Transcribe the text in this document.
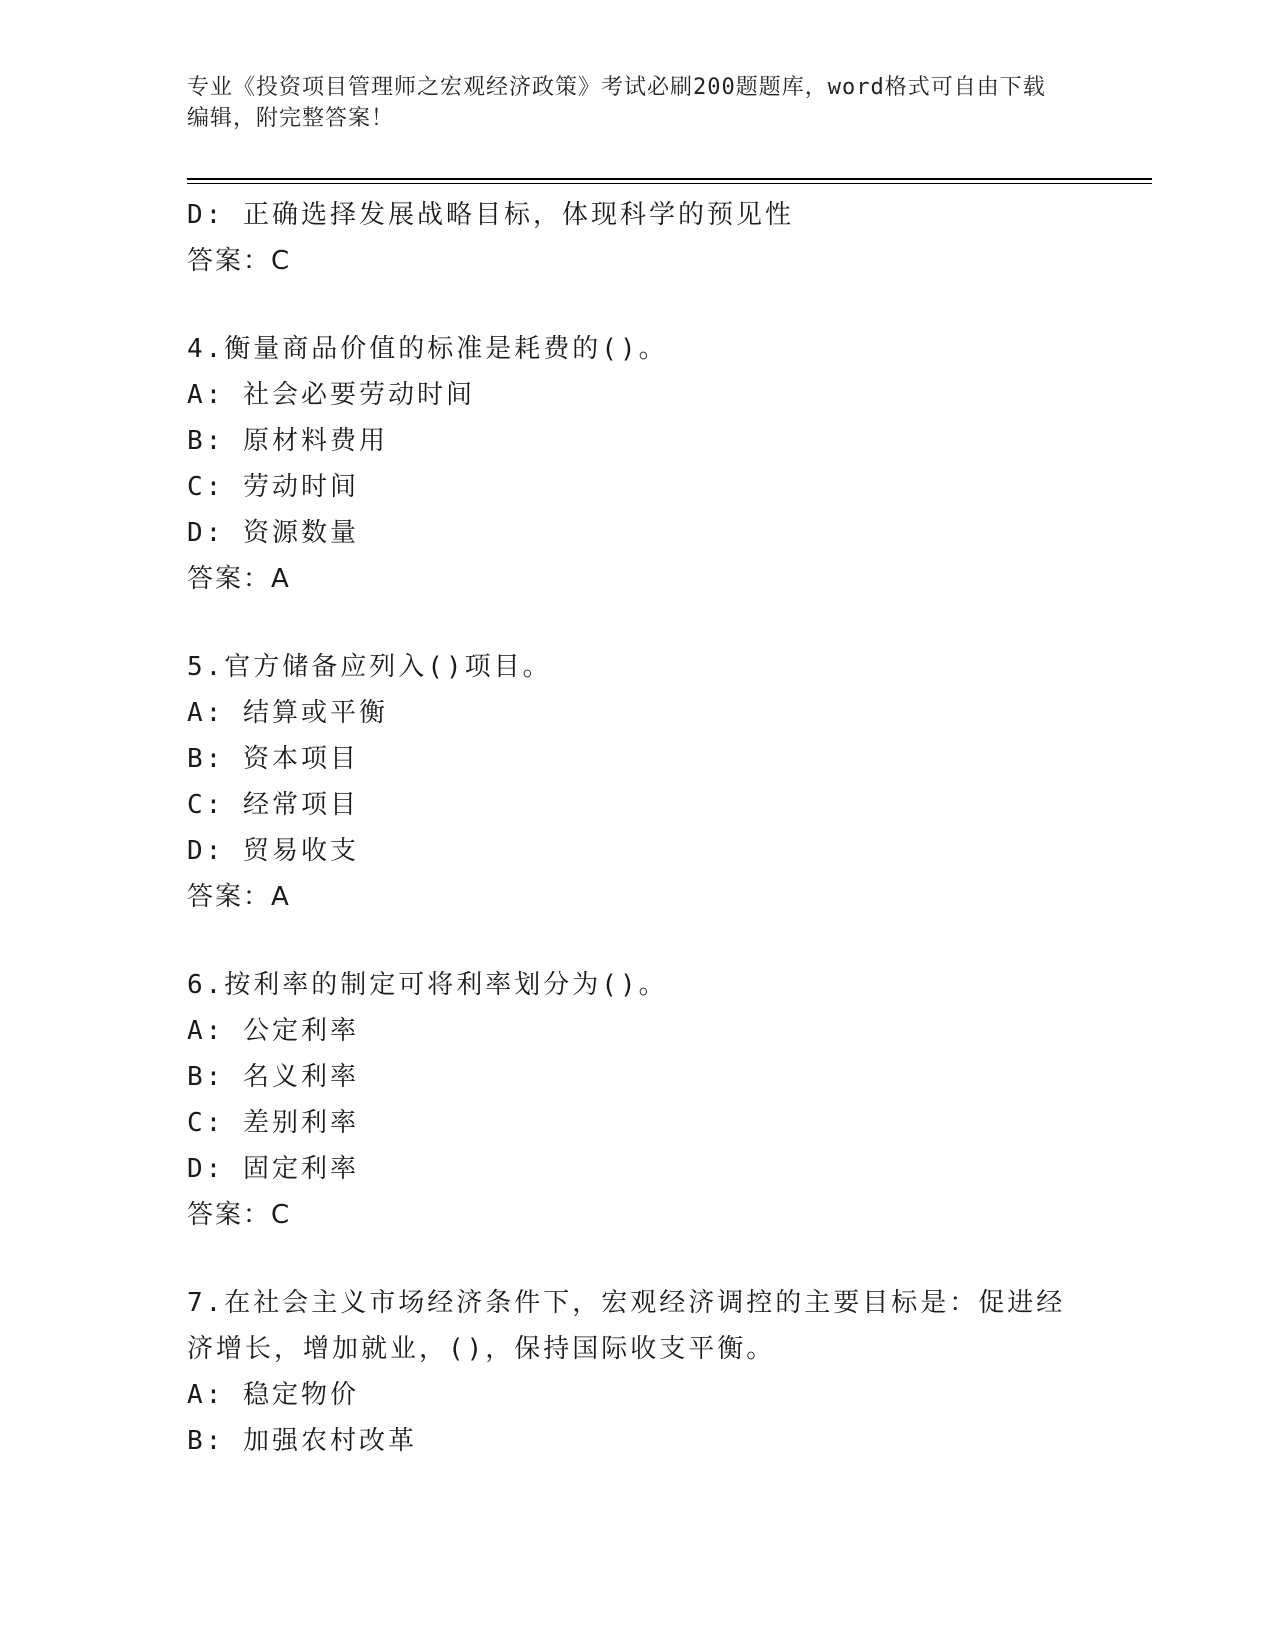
专业《投资项目管理师之宏观经济政策》考试必刷200题题库，word格式可自由下载编辑，附完整答案！
D: 正确选择发展战略目标，体现科学的预见性
答案：C
4.衡量商品价值的标准是耗费的()。
A: 社会必要劳动时间
B: 原材料费用
C: 劳动时间
D: 资源数量
答案：A
5.官方储备应列入()项目。
A: 结算或平衡
B: 资本项目
C: 经常项目
D: 贸易收支
答案：A
6.按利率的制定可将利率划分为()。
A: 公定利率
B: 名义利率
C: 差别利率
D: 固定利率
答案：C
7.在社会主义市场经济条件下，宏观经济调控的主要目标是：促进经济增长，增加就业，()，保持国际收支平衡。
A: 稳定物价
B: 加强农村改革
